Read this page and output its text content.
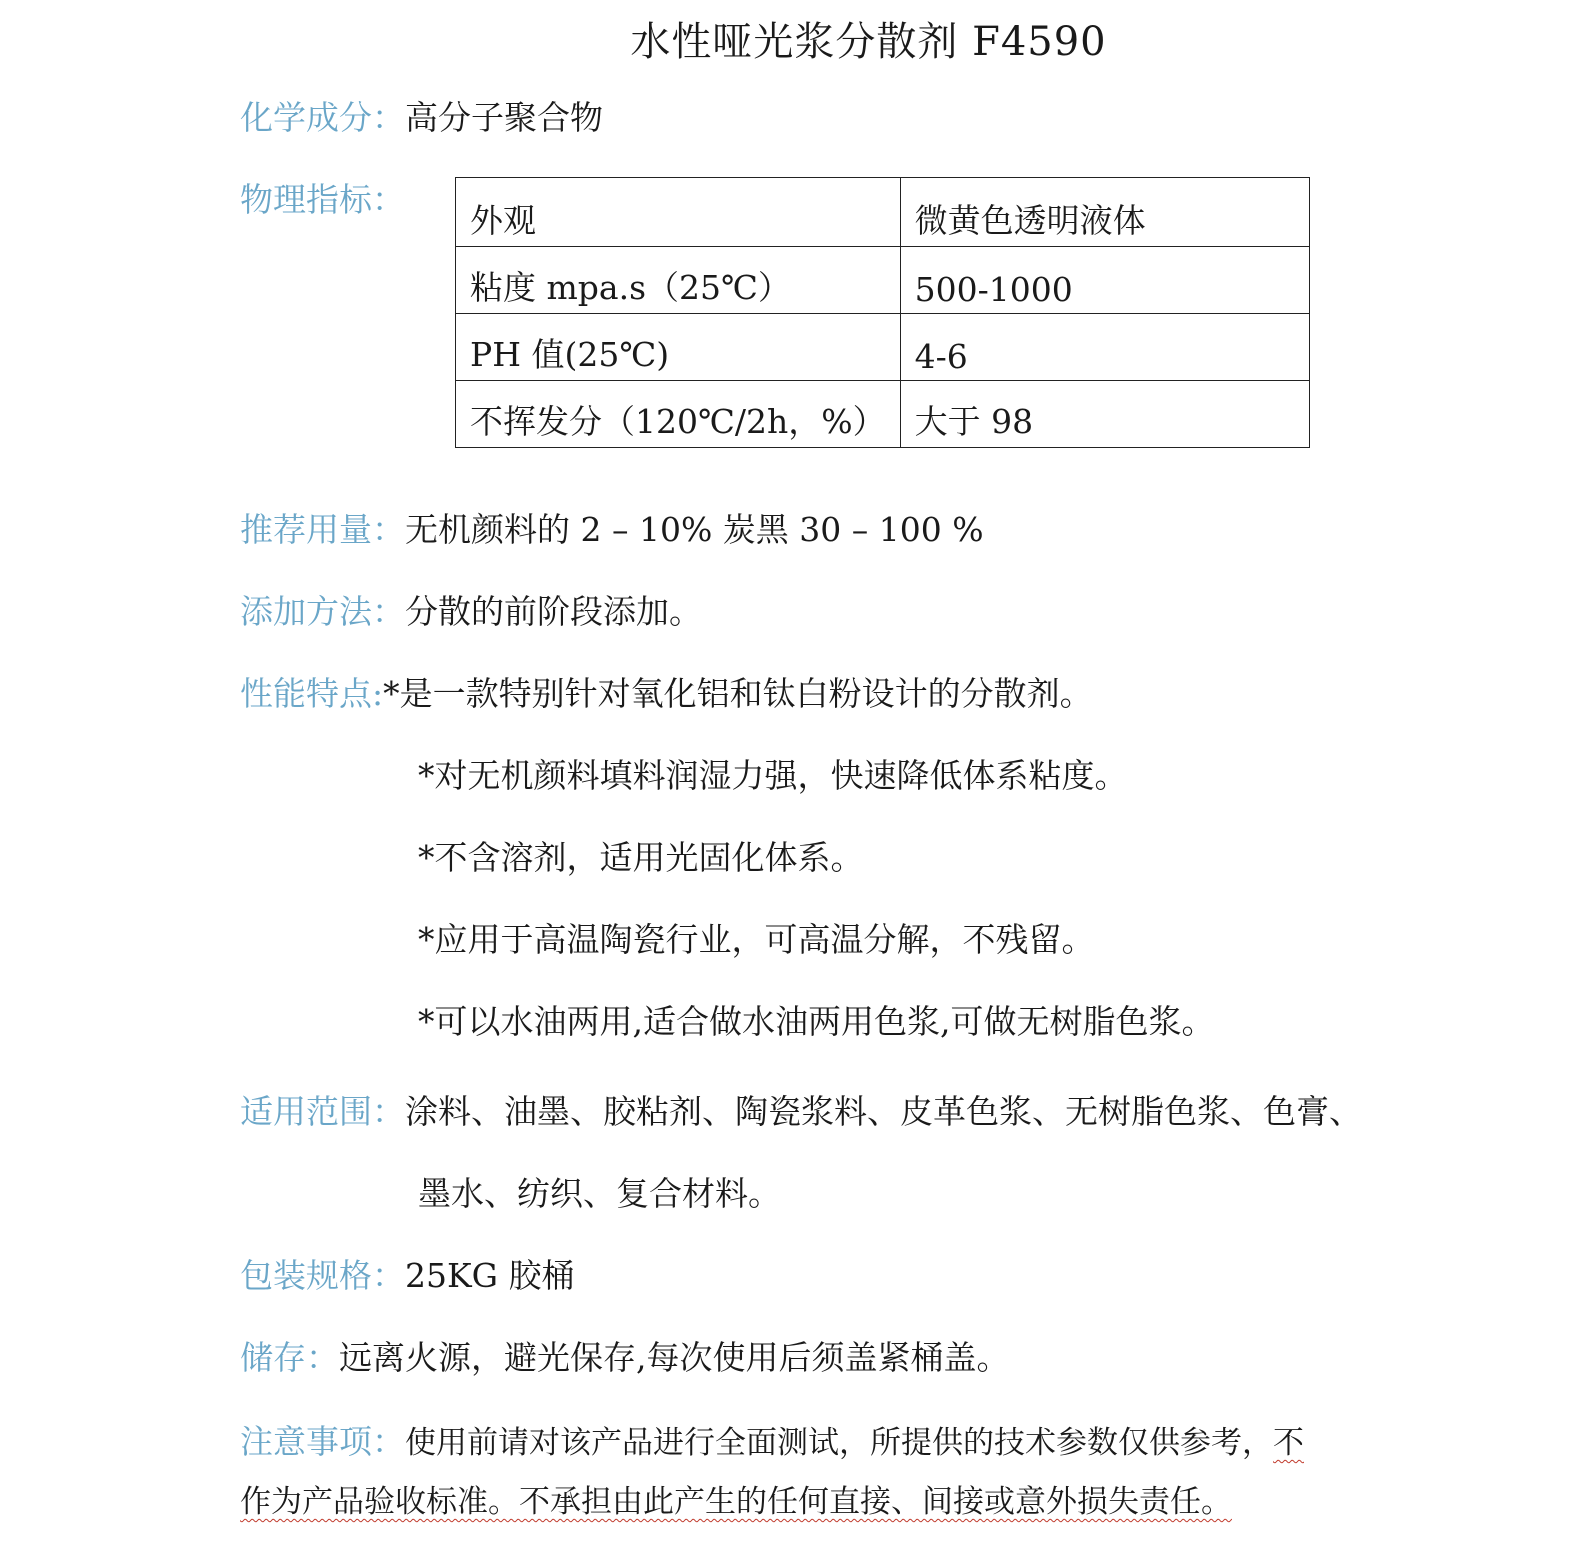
水性哑光浆分散剂 F4590
化学成分：高分子聚合物
物理指标：
外观	微黄色透明液体
粘度 mpa.s（25℃）	500-1000
PH 值(25℃)	4-6
不挥发分（120℃/2h，%）	大于 98
推荐用量：无机颜料的 2 – 10% 炭黑 30 – 100 %
添加方法：分散的前阶段添加。
性能特点:*是一款特别针对氧化铝和钛白粉设计的分散剂。
*对无机颜料填料润湿力强，快速降低体系粘度。
*不含溶剂，适用光固化体系。
*应用于高温陶瓷行业，可高温分解，不残留。
*可以水油两用,适合做水油两用色浆,可做无树脂色浆。
适用范围：涂料、油墨、胶粘剂、陶瓷浆料、皮革色浆、无树脂色浆、色膏、
墨水、纺织、复合材料。
包装规格：25KG 胶桶
储存：远离火源，避光保存,每次使用后须盖紧桶盖。
注意事项：使用前请对该产品进行全面测试，所提供的技术参数仅供参考，不
作为产品验收标准。不承担由此产生的任何直接、间接或意外损失责任。
